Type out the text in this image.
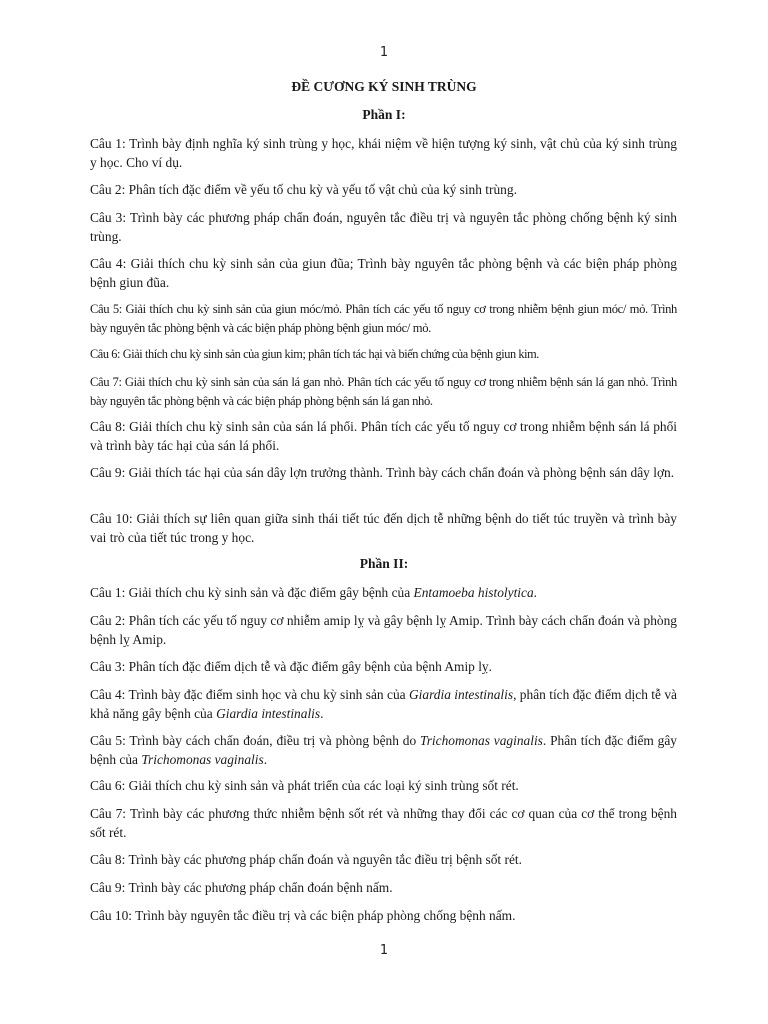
1
ĐỀ CƯƠNG KÝ SINH TRÙNG
Phần I:
Câu 1: Trình bày định nghĩa ký sinh trùng y học, khái niệm về hiện tượng ký sinh, vật chủ của ký sinh trùng y học. Cho ví dụ.
Câu 2: Phân tích đặc điểm về yếu tố chu kỳ và yếu tố vật chủ của ký sinh trùng.
Câu 3: Trình bày các phương pháp chẩn đoán, nguyên tắc điều trị và nguyên tắc phòng chống bệnh ký sinh trùng.
Câu 4: Giải thích chu kỳ sinh sản của giun đũa; Trình bày nguyên tắc phòng bệnh và các biện pháp phòng bệnh giun đũa.
Câu 5: Giải thích chu kỳ sinh sản của giun móc/mỏ. Phân tích các yếu tố nguy cơ trong nhiễm bệnh giun móc/ mỏ. Trình bày nguyên tắc phòng bệnh và các biện pháp phòng bệnh giun móc/ mỏ.
Câu 6: Giải thích chu kỳ sinh sản của giun kim; phân tích tác hại và biến chứng của bệnh giun kim.
Câu 7: Giải thích chu kỳ sinh sản của sán lá gan nhỏ. Phân tích các yếu tố nguy cơ trong nhiễm bệnh sán lá gan nhỏ. Trình bày nguyên tắc phòng bệnh và các biện pháp phòng bệnh sán lá gan nhỏ.
Câu 8: Giải thích chu kỳ sinh sản của sán lá phổi. Phân tích các yếu tố nguy cơ trong nhiễm bệnh sán lá phổi và trình bày tác hại của sán lá phổi.
Câu 9: Giải thích tác hại của sán dây lợn trưởng thành. Trình bày cách chẩn đoán và phòng bệnh sán dây lợn.
Câu 10: Giải thích sự liên quan giữa sinh thái tiết túc đến dịch tễ những bệnh do tiết túc truyền và trình bày vai trò của tiết túc trong y học.
Phần II:
Câu 1: Giải thích chu kỳ sinh sản và đặc điểm gây bệnh của Entamoeba histolytica.
Câu 2: Phân tích các yếu tố nguy cơ nhiễm amip lỵ và gây bệnh lỵ Amip. Trình bày cách chẩn đoán và phòng bệnh lỵ Amip.
Câu 3: Phân tích đặc điểm dịch tễ và đặc điểm gây bệnh của bệnh Amip lỵ.
Câu 4: Trình bày đặc điểm sinh học và chu kỳ sinh sản của Giardia intestinalis, phân tích đặc điểm dịch tễ và khả năng gây bệnh của Giardia intestinalis.
Câu 5: Trình bày cách chẩn đoán, điều trị và phòng bệnh do Trichomonas vaginalis. Phân tích đặc điểm gây bệnh của Trichomonas vaginalis.
Câu 6: Giải thích chu kỳ sinh sản và phát triển của các loại ký sinh trùng sốt rét.
Câu 7: Trình bày các phương thức nhiễm bệnh sốt rét và những thay đổi các cơ quan của cơ thể trong bệnh sốt rét.
Câu 8: Trình bày các phương pháp chẩn đoán và nguyên tắc điều trị bệnh sốt rét.
Câu 9: Trình bày các phương pháp chẩn đoán bệnh nấm.
Câu 10: Trình bày nguyên tắc điều trị và các biện pháp phòng chống bệnh nấm.
1
